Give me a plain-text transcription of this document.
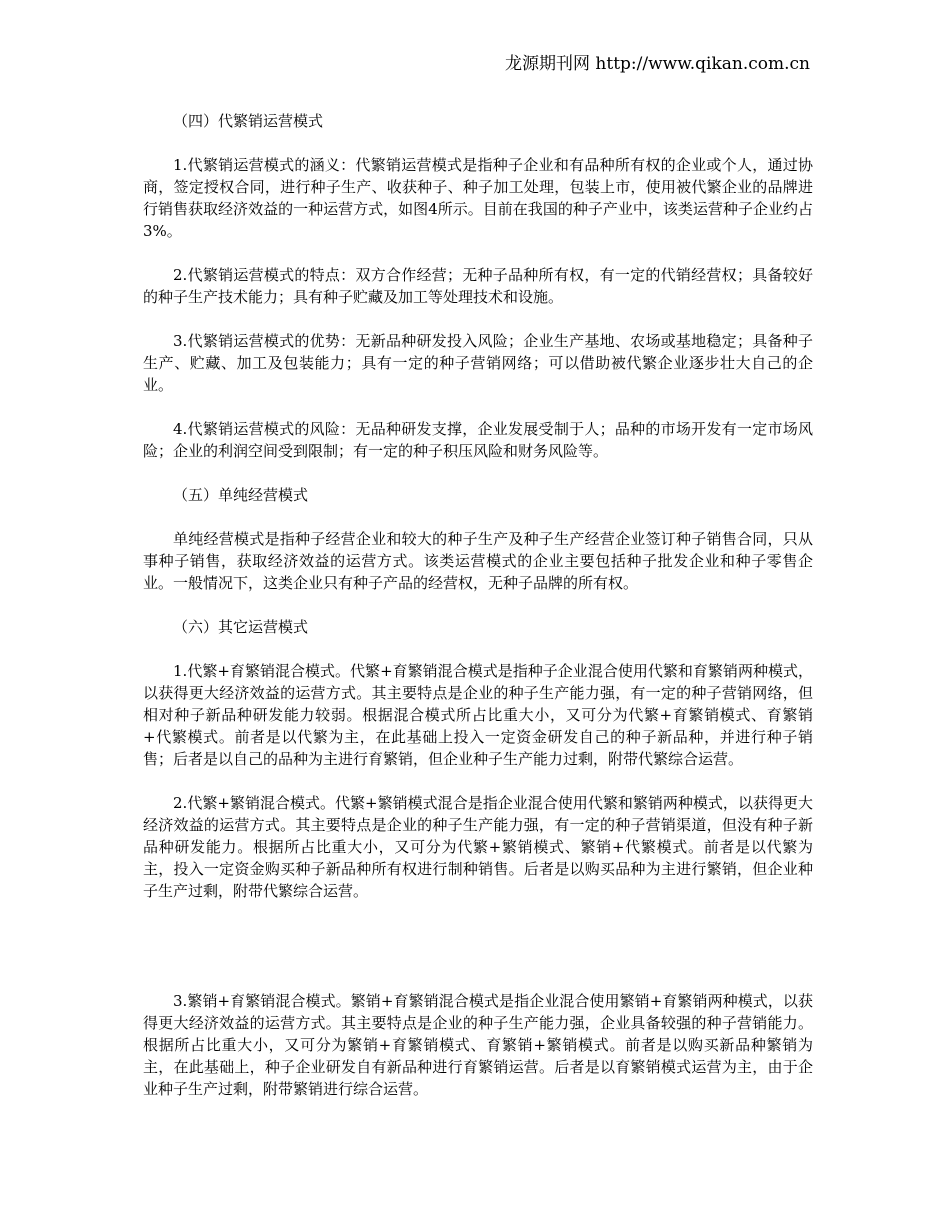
龙源期刊网 http://www.qikan.com.cn
（四）代繁销运营模式
1.代繁销运营模式的涵义：代繁销运营模式是指种子企业和有品种所有权的企业或个人，通过协商，签定授权合同，进行种子生产、收获种子、种子加工处理，包装上市，使用被代繁企业的品牌进行销售获取经济效益的一种运营方式，如图4所示。目前在我国的种子产业中，该类运营种子企业约占3%。
2.代繁销运营模式的特点：双方合作经营；无种子品种所有权，有一定的代销经营权；具备较好的种子生产技术能力；具有种子贮藏及加工等处理技术和设施。
3.代繁销运营模式的优势：无新品种研发投入风险；企业生产基地、农场或基地稳定；具备种子生产、贮藏、加工及包装能力；具有一定的种子营销网络；可以借助被代繁企业逐步壮大自己的企业。
4.代繁销运营模式的风险：无品种研发支撑，企业发展受制于人；品种的市场开发有一定市场风险；企业的利润空间受到限制；有一定的种子积压风险和财务风险等。
（五）单纯经营模式
单纯经营模式是指种子经营企业和较大的种子生产及种子生产经营企业签订种子销售合同，只从事种子销售，获取经济效益的运营方式。该类运营模式的企业主要包括种子批发企业和种子零售企业。一般情况下，这类企业只有种子产品的经营权，无种子品牌的所有权。
（六）其它运营模式
1.代繁+育繁销混合模式。代繁+育繁销混合模式是指种子企业混合使用代繁和育繁销两种模式，以获得更大经济效益的运营方式。其主要特点是企业的种子生产能力强，有一定的种子营销网络，但相对种子新品种研发能力较弱。根据混合模式所占比重大小，又可分为代繁+育繁销模式、育繁销+代繁模式。前者是以代繁为主，在此基础上投入一定资金研发自己的种子新品种，并进行种子销售；后者是以自己的品种为主进行育繁销，但企业种子生产能力过剩，附带代繁综合运营。
2.代繁+繁销混合模式。代繁+繁销模式混合是指企业混合使用代繁和繁销两种模式，以获得更大经济效益的运营方式。其主要特点是企业的种子生产能力强，有一定的种子营销渠道，但没有种子新品种研发能力。根据所占比重大小，又可分为代繁+繁销模式、繁销+代繁模式。前者是以代繁为主，投入一定资金购买种子新品种所有权进行制种销售。后者是以购买品种为主进行繁销，但企业种子生产过剩，附带代繁综合运营。
3.繁销+育繁销混合模式。繁销+育繁销混合模式是指企业混合使用繁销+育繁销两种模式，以获得更大经济效益的运营方式。其主要特点是企业的种子生产能力强，企业具备较强的种子营销能力。根据所占比重大小，又可分为繁销+育繁销模式、育繁销+繁销模式。前者是以购买新品种繁销为主，在此基础上，种子企业研发自有新品种进行育繁销运营。后者是以育繁销模式运营为主，由于企业种子生产过剩，附带繁销进行综合运营。
